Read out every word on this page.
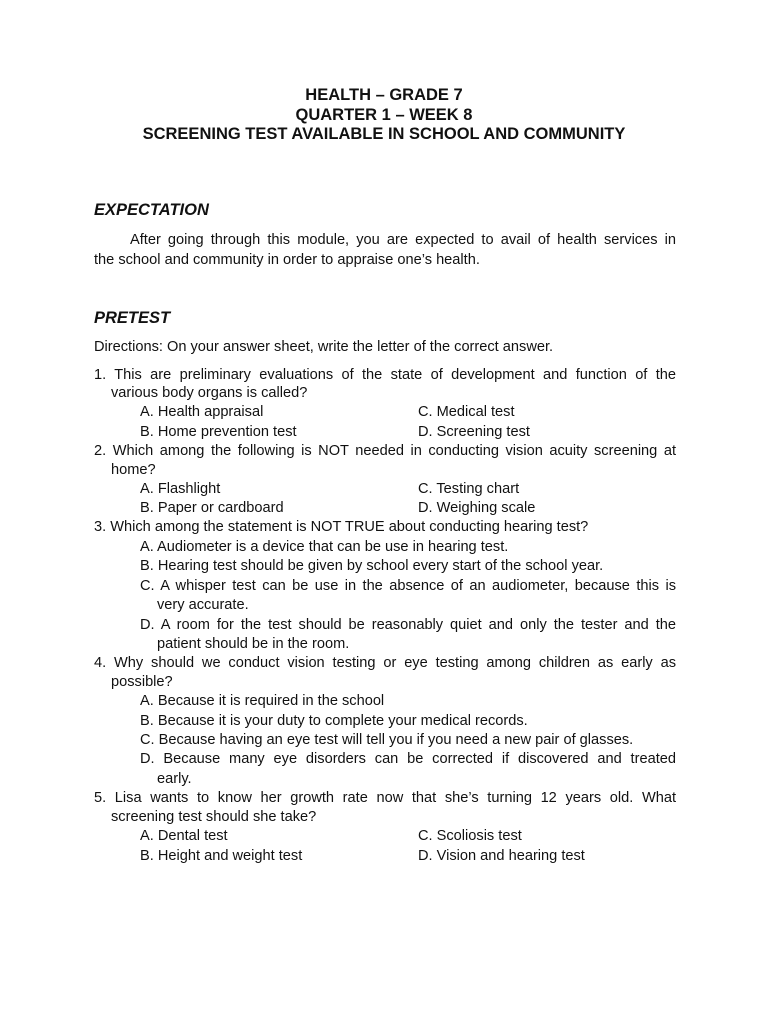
HEALTH – GRADE 7
QUARTER 1 – WEEK 8
SCREENING TEST AVAILABLE IN SCHOOL AND COMMUNITY
EXPECTATION
After going through this module, you are expected to avail of health services in
the school and community in order to appraise one’s health.
PRETEST
Directions: On your answer sheet, write the letter of the correct answer.
1. This are preliminary evaluations of the state of development and function of the
various body organs is called?
A. Health appraisal	C. Medical test
B. Home prevention test	D. Screening test
2. Which among the following is NOT needed in conducting vision acuity screening at
home?
A. Flashlight	C. Testing chart
B. Paper or cardboard	D. Weighing scale
3. Which among the statement is NOT TRUE about conducting hearing test?
A. Audiometer is a device that can be use in hearing test.
B. Hearing test should be given by school every start of the school year.
C. A whisper test can be use in the absence of an audiometer, because this is
very accurate.
D. A room for the test should be reasonably quiet and only the tester and the
patient should be in the room.
4. Why should we conduct vision testing or eye testing among children as early as
possible?
A. Because it is required in the school
B. Because it is your duty to complete your medical records.
C. Because having an eye test will tell you if you need a new pair of glasses.
D. Because many eye disorders can be corrected if discovered and treated
early.
5. Lisa wants to know her growth rate now that she’s turning 12 years old. What
screening test should she take?
A. Dental test	C. Scoliosis test
B. Height and weight test	D. Vision and hearing test
